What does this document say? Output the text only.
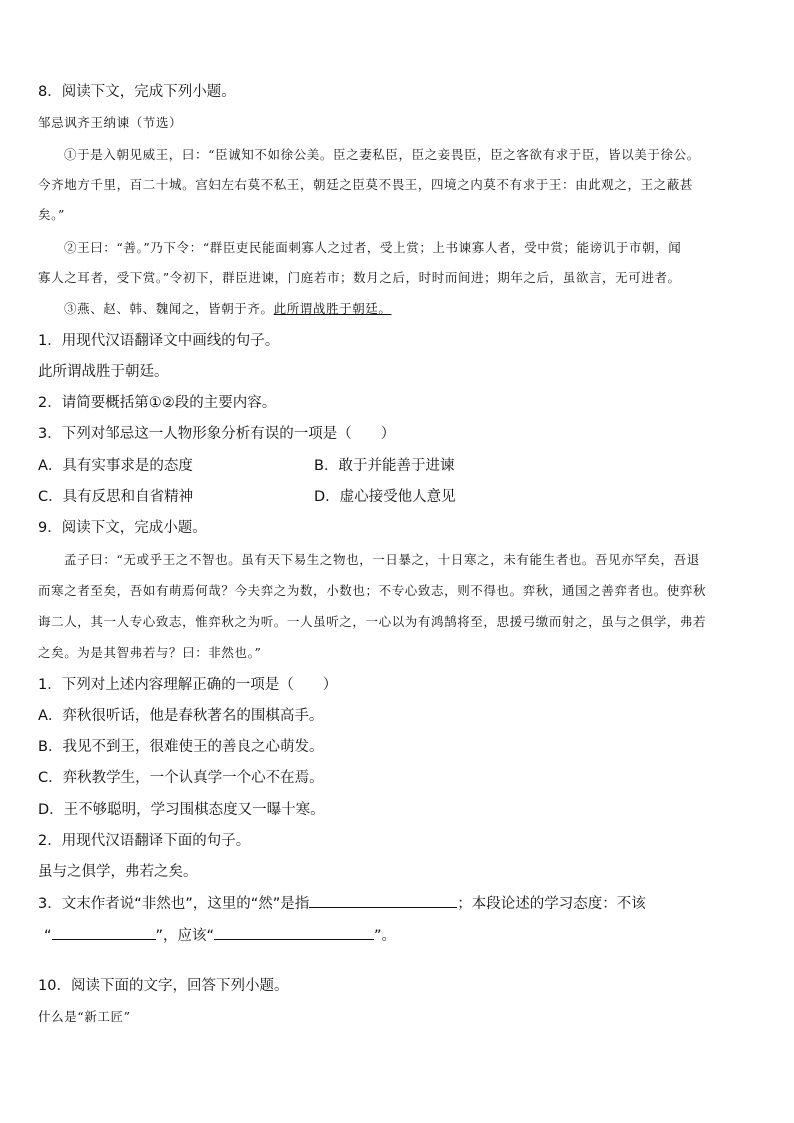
8．阅读下文，完成下列小题。
邹忌讽齐王纳谏（节选）
①于是入朝见威王，曰：“臣诚知不如徐公美。臣之妻私臣，臣之妾畏臣，臣之客欲有求于臣，皆以美于徐公。
今齐地方千里，百二十城。宫妇左右莫不私王，朝廷之臣莫不畏王，四境之内莫不有求于王：由此观之，王之蔽甚
矣。”
②王曰：“善。”乃下令：“群臣吏民能面刺寡人之过者，受上赏；上书谏寡人者，受中赏；能谤讥于市朝，闻
寡人之耳者，受下赏。”令初下，群臣进谏，门庭若市；数月之后，时时而间进；期年之后，虽欲言，无可进者。
③燕、赵、韩、魏闻之，皆朝于齐。此所谓战胜于朝廷。
1．用现代汉语翻译文中画线的句子。
此所谓战胜于朝廷。
2．请简要概括第①②段的主要内容。
3．下列对邹忌这一人物形象分析有误的一项是（　　）
A．具有实事求是的态度	B．敢于并能善于进谏
C．具有反思和自省精神	D．虚心接受他人意见
9．阅读下文，完成小题。
孟子曰：“无或乎王之不智也。虽有天下易生之物也，一日暴之，十日寒之，未有能生者也。吾见亦罕矣，吾退
而寒之者至矣，吾如有萌焉何哉？今夫弈之为数，小数也；不专心致志，则不得也。弈秋，通国之善弈者也。使弈秋
诲二人，其一人专心致志，惟弈秋之为听。一人虽听之，一心以为有鸿鹄将至，思援弓缴而射之，虽与之俱学，弗若
之矣。为是其智弗若与？曰：非然也。”
1．下列对上述内容理解正确的一项是（　　）
A．弈秋很听话，他是春秋著名的围棋高手。
B．我见不到王，很难使王的善良之心萌发。
C．弈秋教学生，一个认真学一个心不在焉。
D．王不够聪明，学习围棋态度又一曝十寒。
2．用现代汉语翻译下面的句子。
虽与之俱学，弗若之矣。
3．文末作者说“非然也”，这里的“然”是指	；本段论述的学习态度：不该
“	”，应该“	”。
10．阅读下面的文字，回答下列小题。
什么是“新工匠”
